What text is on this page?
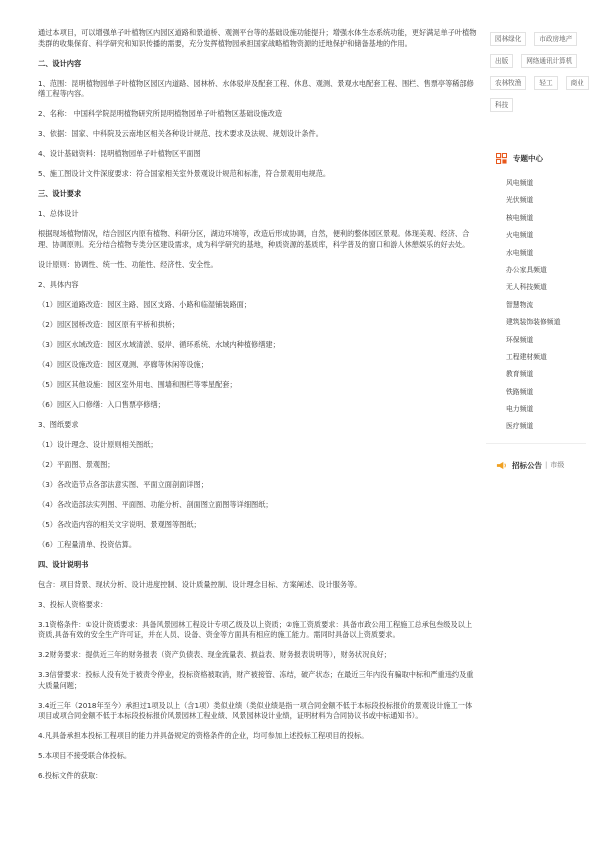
通过本项目，可以增强单子叶植物区内园区道路和景道桥、观测平台等的基础设施功能提升；增强水体生态系统功能，更好满足单子叶植物类群的收集保育、科学研究和知识传播的需要，充分发挥植物园承担国家战略植物资源的迁地保护和储备基地的作用。

二、设计内容

1、范围：昆明植物园单子叶植物区园区内道路、园林桥、水体驳岸及配套工程、休息、观测、景观水电配套工程、围栏、售票亭等稀部修缮工程等内容。

2、名称： 中国科学院昆明植物研究所昆明植物园单子叶植物区基础设施改造

3、依据：国家、中科院及云南地区相关各种设计规范、技术要求及法规、规划设计条件。

4、设计基础资料：昆明植物园单子叶植物区平面图

5、施工图设计文件深度要求：符合国家相关室外景观设计规范和标准，符合景观用电规范。

三、设计要求

1、总体设计

根据现场植物情况，结合园区内原有植物、科研分区，湖边环境等，改造后形成协调，自然，便利的整体园区景观。体现美观、经济、合理、协调原则。充分结合植物专类分区建设需求，成为科学研究的基地，种质资源的基质库，科学普及的窗口和游人休憩娱乐的好去处。

设计原则：协调性、统一性、功能性、经济性、安全性。

2、具体内容

（1）园区道路改造：园区主路、园区支路、小路和临湿铺装路面；

（2）园区园桥改造：园区原有平桥和拱桥；

（3）园区水域改造：园区水域清淤、驳岸、循环系统、水域内种植修缮建；

（4）园区设施改造：园区观测、亭廊等休闲等设施；

（5）园区其他设施：园区室外用电、围墙和围栏等零星配套；

（6）园区入口修缮：入口售票亭修缮；

3、图纸要求

（1）设计理念、设计原则相关图纸；

（2）平面图、景观图；

（3）各改造节点各部法意实图、平面立面剖面详图；

（4）各改造部法实列图、平面图、功能分析、剖面图立面图等详细图纸；

（5）各改造内容的相关文字说明、景观图等图纸；

（6）工程量清单、投资估算。

四、设计说明书

包含：项目背景、现状分析、设计进度控制、设计质量控制、设计理念目标、方案阐述、设计服务等。

3、投标人资格要求：

3.1资格条件：①设计资质要求：具备风景园林工程设计专项乙级及以上资质；②施工资质要求：具备市政公用工程施工总承包叁级及以上资质,具备有效的安全生产许可证，并在人员、设备、资金等方面具有相应的施工能力。需同时具备以上资质要求。

3.2财务要求：提供近三年的财务报表（资产负债表、现金流量表、损益表、财务报表说明等），财务状况良好；

3.3信誉要求：投标人没有处于被责令停业，投标资格被取消，财产被接管、冻结，破产状态；在最近三年内没有骗取中标和严重违约及重大质量问题；

3.4近三年（2018年至今）承担过1项及以上（含1项）类似业绩（类似业绩是指一项合同金额不低于本标段投标报价的景观设计施工一体项目或项合同金额不低于本标段投标报价风景园林工程业绩、风景园林设计业绩，证明材料为合同协议书或中标通知书）。

4.凡具备承担本投标工程项目的能力并具备规定的资格条件的企业，均可参加上述投标工程项目的投标。

5.本项目不接受联合体投标。

6.投标文件的获取：

园林绿化	市政房地产
出版	网络通讯计算机
农林牧渔	轻工	商业
科技
专题中心
风电频道
光伏频道
核电频道
火电频道
水电频道
办公家具频道
无人科技频道
智慧物流
建筑装饰装修频道
环保频道
工程建材频道
教育频道
铁路频道
电力频道
医疗频道
招标公告 | 市级
